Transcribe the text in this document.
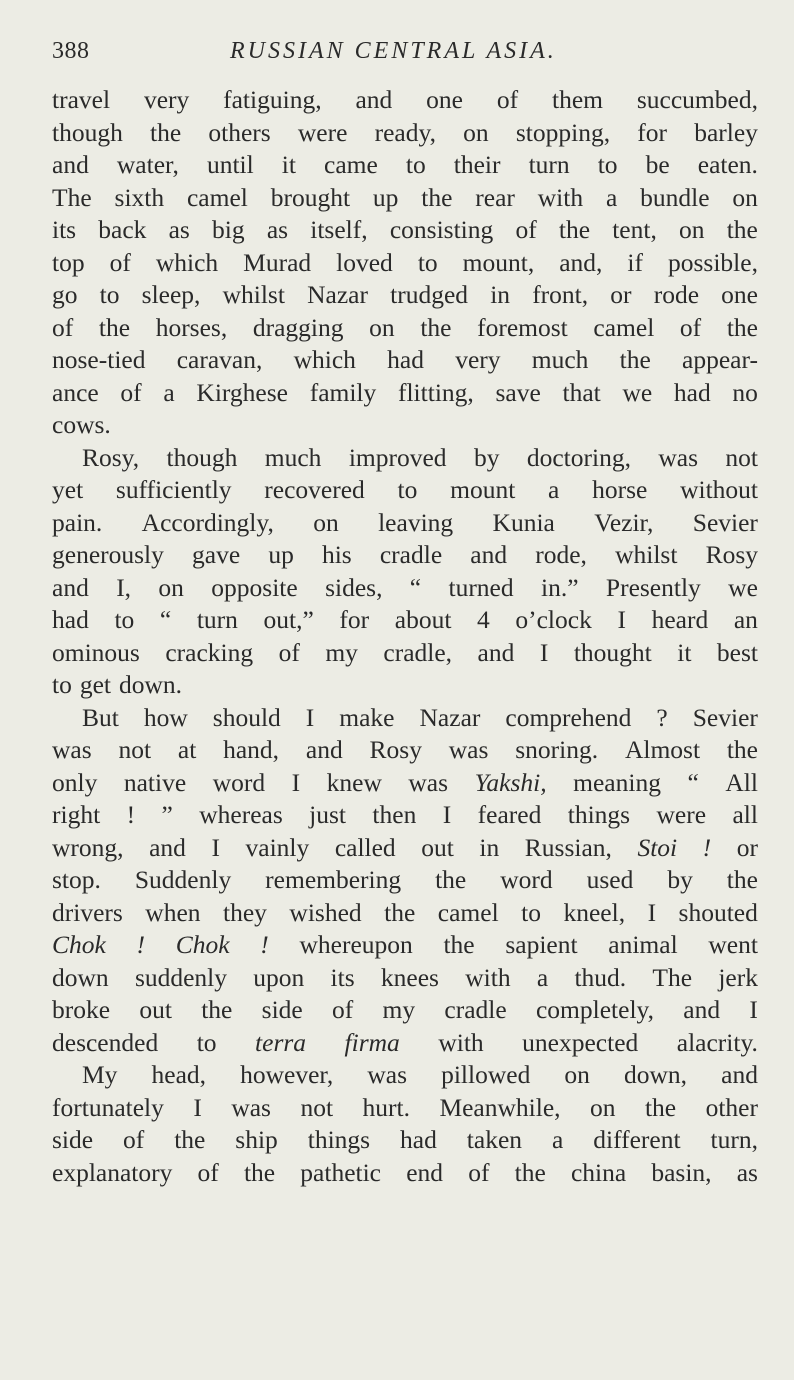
388	RUSSIAN CENTRAL ASIA.
travel very fatiguing, and one of them succumbed,
though the others were ready, on stopping, for barley
and water, until it came to their turn to be eaten.
The sixth camel brought up the rear with a bundle on
its back as big as itself, consisting of the tent, on the
top of which Murad loved to mount, and, if possible,
go to sleep, whilst Nazar trudged in front, or rode one
of the horses, dragging on the foremost camel of the
nose-tied caravan, which had very much the appear-
ance of a Kirghese family flitting, save that we had no
cows.
Rosy, though much improved by doctoring, was not
yet sufficiently recovered to mount a horse without
pain. Accordingly, on leaving Kunia Vezir, Sevier
generously gave up his cradle and rode, whilst Rosy
and I, on opposite sides, “ turned in.” Presently we
had to “ turn out,” for about 4 o’clock I heard an
ominous cracking of my cradle, and I thought it best
to get down.
But how should I make Nazar comprehend ? Sevier
was not at hand, and Rosy was snoring. Almost the
only native word I knew was Yakshi, meaning “ All
right ! ” whereas just then I feared things were all
wrong, and I vainly called out in Russian, Stoi ! or
stop. Suddenly remembering the word used by the
drivers when they wished the camel to kneel, I shouted
Chok ! Chok ! whereupon the sapient animal went
down suddenly upon its knees with a thud. The jerk
broke out the side of my cradle completely, and I
descended to terra firma with unexpected alacrity.
My head, however, was pillowed on down, and
fortunately I was not hurt. Meanwhile, on the other
side of the ship things had taken a different turn,
explanatory of the pathetic end of the china basin, as
